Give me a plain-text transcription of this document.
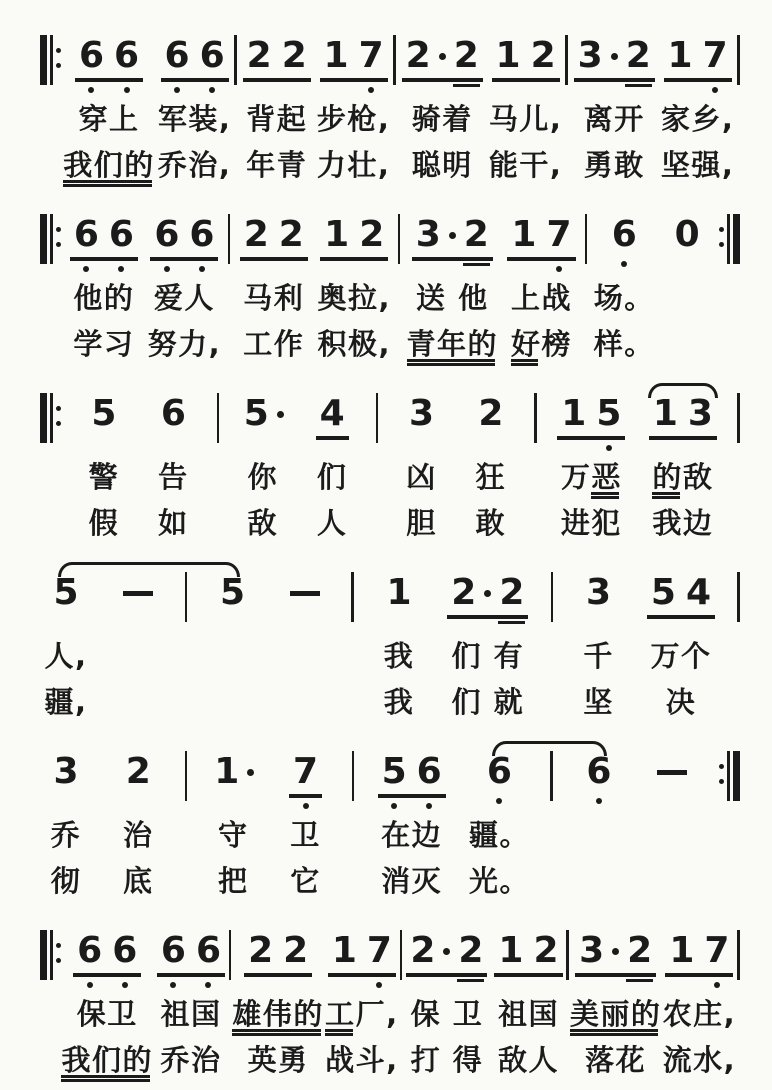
6 6
穿上
我们的
6 6
军装,
乔治,
2 2
背起
年青
1 7
步枪,
力壮,
2 2
骑着
聪明
1 2
马儿,
能干,
3 2
离开
勇敢
1 7
家乡,
坚强,
6 6
他的
学习
6 6
爱人
努力,
2 2
马利
工作
1 2
奥拉,
积极,
3 2
送 他
青年的
1 7
上战
好 榜
6
场。
样。
0
5
警
假
6
告
如
5
你
敌
4
们
人
3
凶
胆
2
狂
敢
1 5
万 恶
进犯
1 3
的 敌
我边
5
人,
疆,
5	1
我
我
2 2
们 有
们 就
3
千
坚
5 4
万个
决
3
乔
彻
2
治
底
1
守
把
7
卫
它
5 6
在边
消灭
6
疆。
光。
6
6 6
保卫
我们的
6 6
祖国
乔治
2 2
雄伟的
英勇
1 7
工 厂,
战斗,
2 2
保 卫
打 得
1 2
祖国
敌人
3 2
美丽的
落花
1 7
农庄,
流水,
